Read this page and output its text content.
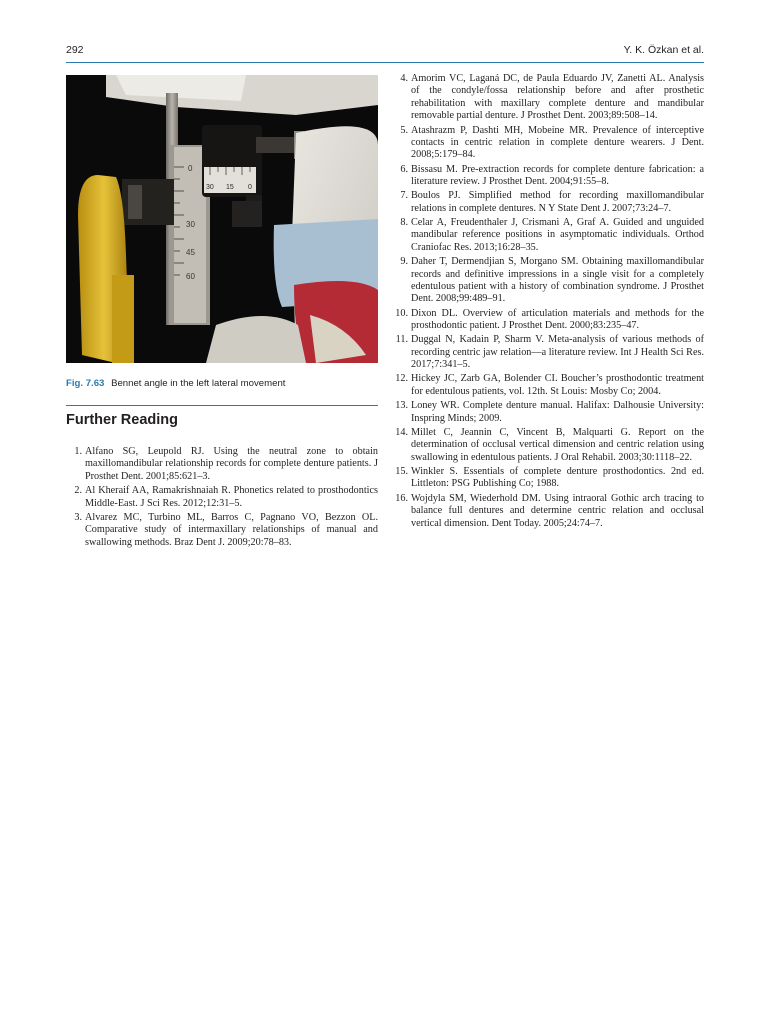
292	Y. K. Özkan et al.
0
30
45
60
30 15 0
Fig. 7.63 Bennet angle in the left lateral movement
Further Reading
1. Alfano SG, Leupold RJ. Using the neutral zone to obtain maxillomandibular relationship records for complete denture patients. J Prosthet Dent. 2001;85:621–3.
2. Al Kheraif AA, Ramakrishnaiah R. Phonetics related to prosthodontics Middle-East. J Sci Res. 2012;12:31–5.
3. Alvarez MC, Turbino ML, Barros C, Pagnano VO, Bezzon OL. Comparative study of intermaxillary relationships of manual and swallowing methods. Braz Dent J. 2009;20:78–83.
4. Amorim VC, Laganá DC, de Paula Eduardo JV, Zanetti AL. Analysis of the condyle/fossa relationship before and after prosthetic rehabilitation with maxillary complete denture and mandibular removable partial denture. J Prosthet Dent. 2003;89:508–14.
5. Atashrazm P, Dashti MH, Mobeine MR. Prevalence of interceptive contacts in centric relation in complete denture wearers. J Dent. 2008;5:179–84.
6. Bissasu M. Pre-extraction records for complete denture fabrication: a literature review. J Prosthet Dent. 2004;91:55–8.
7. Boulos PJ. Simplified method for recording maxillomandibular relations in complete dentures. N Y State Dent J. 2007;73:24–7.
8. Celar A, Freudenthaler J, Crismani A, Graf A. Guided and unguided mandibular reference positions in asymptomatic individuals. Orthod Craniofac Res. 2013;16:28–35.
9. Daher T, Dermendjian S, Morgano SM. Obtaining maxillomandibular records and definitive impressions in a single visit for a completely edentulous patient with a history of combination syndrome. J Prosthet Dent. 2008;99:489–91.
10. Dixon DL. Overview of articulation materials and methods for the prosthodontic patient. J Prosthet Dent. 2000;83:235–47.
11. Duggal N, Kadain P, Sharm V. Meta-analysis of various methods of recording centric jaw relation—a literature review. Int J Health Sci Res. 2017;7:341–5.
12. Hickey JC, Zarb GA, Bolender CI. Boucher’s prosthodontic treatment for edentulous patients, vol. 12th. St Louis: Mosby Co; 2004.
13. Loney WR. Complete denture manual. Halifax: Dalhousie University: Inspring Minds; 2009.
14. Millet C, Jeannin C, Vincent B, Malquarti G. Report on the determination of occlusal vertical dimension and centric relation using swallowing in edentulous patients. J Oral Rehabil. 2003;30:1118–22.
15. Winkler S. Essentials of complete denture prosthodontics. 2nd ed. Littleton: PSG Publishing Co; 1988.
16. Wojdyla SM, Wiederhold DM. Using intraoral Gothic arch tracing to balance full dentures and determine centric relation and occlusal vertical dimension. Dent Today. 2005;24:74–7.
